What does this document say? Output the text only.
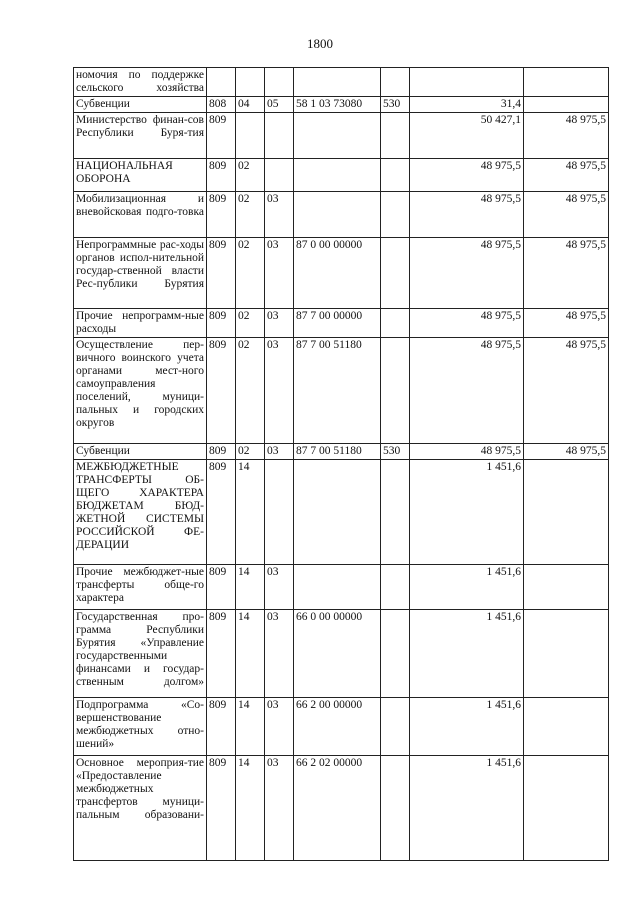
1800
номочия по поддержке сельского хозяйства							
Субвенции	808	04	05	58 1 03 73080	530	31,4	
Министерство финан-сов Республики Буря-тия	809					50 427,1	48 975,5
НАЦИОНАЛЬНАЯ ОБОРОНА	809	02				48 975,5	48 975,5
Мобилизационная и вневойсковая подго-товка	809	02	03			48 975,5	48 975,5
Непрограммные рас-ходы органов испол-нительной государ-ственной власти Рес-публики Бурятия	809	02	03	87 0 00 00000		48 975,5	48 975,5
Прочие непрограмм-ные расходы	809	02	03	87 7 00 00000		48 975,5	48 975,5
Осуществление пер-вичного воинского учета органами мест-ного самоуправления поселений, муници-пальных и городских округов	809	02	03	87 7 00 51180		48 975,5	48 975,5
Субвенции	809	02	03	87 7 00 51180	530	48 975,5	48 975,5
МЕЖБЮДЖЕТНЫЕ ТРАНСФЕРТЫ ОБ-ЩЕГО ХАРАКТЕРА БЮДЖЕТАМ БЮД-ЖЕТНОЙ СИСТЕМЫ РОССИЙСКОЙ ФЕ-ДЕРАЦИИ	809	14				1 451,6	
Прочие межбюджет-ные трансферты обще-го характера	809	14	03			1 451,6	
Государственная про-грамма Республики Бурятия «Управление государственными финансами и государ-ственным долгом»	809	14	03	66 0 00 00000		1 451,6	
Подпрограмма «Со-вершенствование межбюджетных отно-шений»	809	14	03	66 2 00 00000		1 451,6	
Основное мероприя-тие «Предоставление межбюджетных трансфертов муници-пальным образовани-	809	14	03	66 2 02 00000		1 451,6	
